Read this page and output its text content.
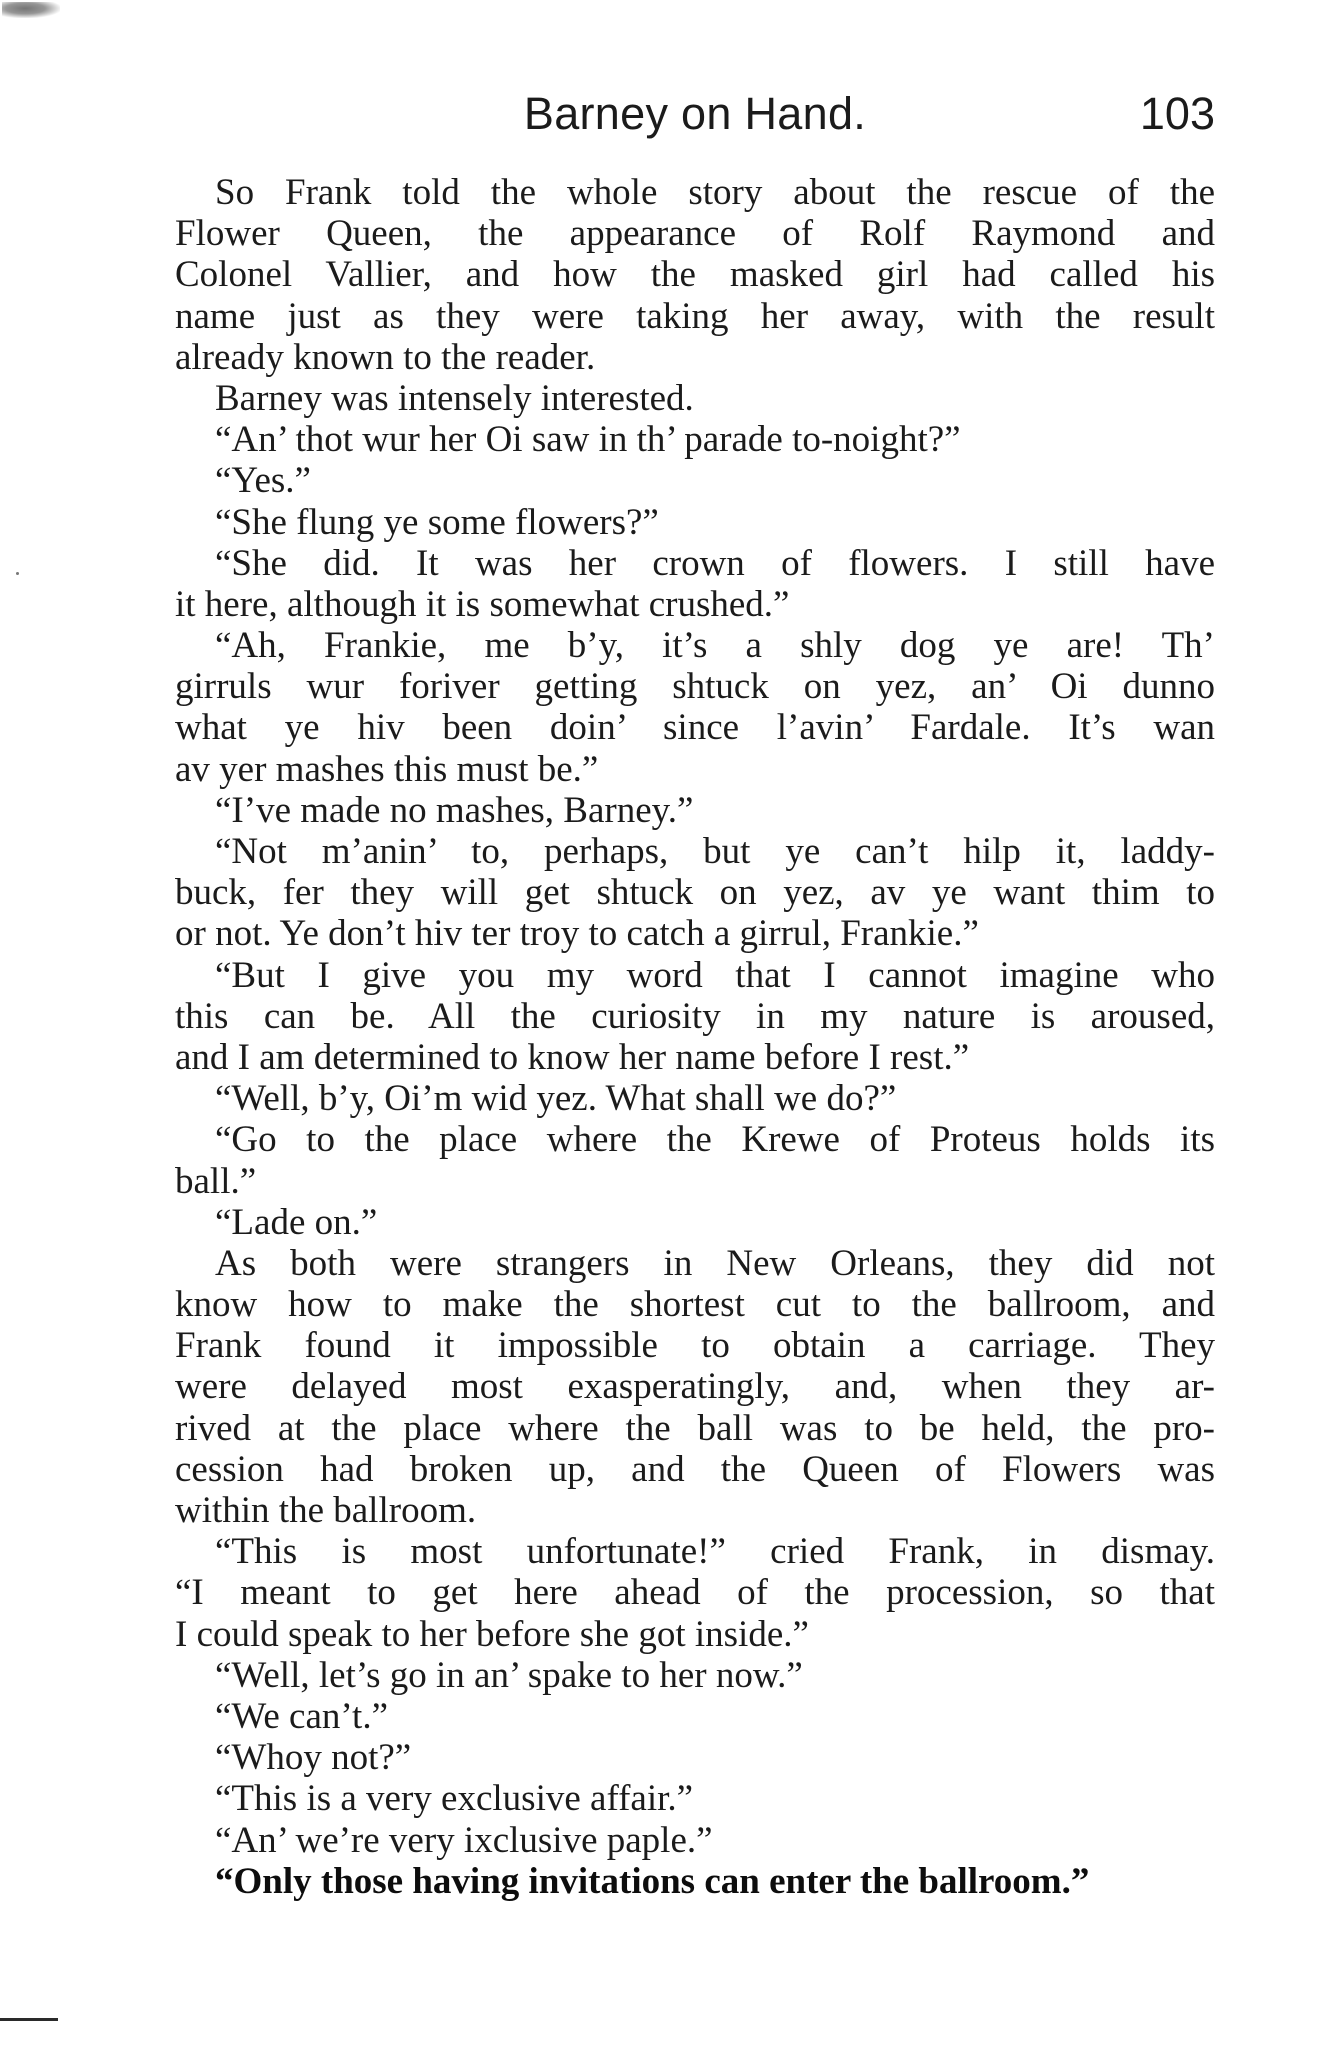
Barney on Hand.	103
So Frank told the whole story about the rescue of the
Flower Queen, the appearance of Rolf Raymond and
Colonel Vallier, and how the masked girl had called his
name just as they were taking her away, with the result
already known to the reader.
Barney was intensely interested.
“An’ thot wur her Oi saw in th’ parade to-noight?”
“Yes.”
“She flung ye some flowers?”
“She did. It was her crown of flowers. I still have
it here, although it is somewhat crushed.”
“Ah, Frankie, me b’y, it’s a shly dog ye are! Th’
girruls wur foriver getting shtuck on yez, an’ Oi dunno
what ye hiv been doin’ since l’avin’ Fardale. It’s wan
av yer mashes this must be.”
“I’ve made no mashes, Barney.”
“Not m’anin’ to, perhaps, but ye can’t hilp it, laddy-
buck, fer they will get shtuck on yez, av ye want thim to
or not. Ye don’t hiv ter troy to catch a girrul, Frankie.”
“But I give you my word that I cannot imagine who
this can be. All the curiosity in my nature is aroused,
and I am determined to know her name before I rest.”
“Well, b’y, Oi’m wid yez. What shall we do?”
“Go to the place where the Krewe of Proteus holds its
ball.”
“Lade on.”
As both were strangers in New Orleans, they did not
know how to make the shortest cut to the ballroom, and
Frank found it impossible to obtain a carriage. They
were delayed most exasperatingly, and, when they ar-
rived at the place where the ball was to be held, the pro-
cession had broken up, and the Queen of Flowers was
within the ballroom.
“This is most unfortunate!” cried Frank, in dismay.
“I meant to get here ahead of the procession, so that
I could speak to her before she got inside.”
“Well, let’s go in an’ spake to her now.”
“We can’t.”
“Whoy not?”
“This is a very exclusive affair.”
“An’ we’re very ixclusive paple.”
“Only those having invitations can enter the ballroom.”
